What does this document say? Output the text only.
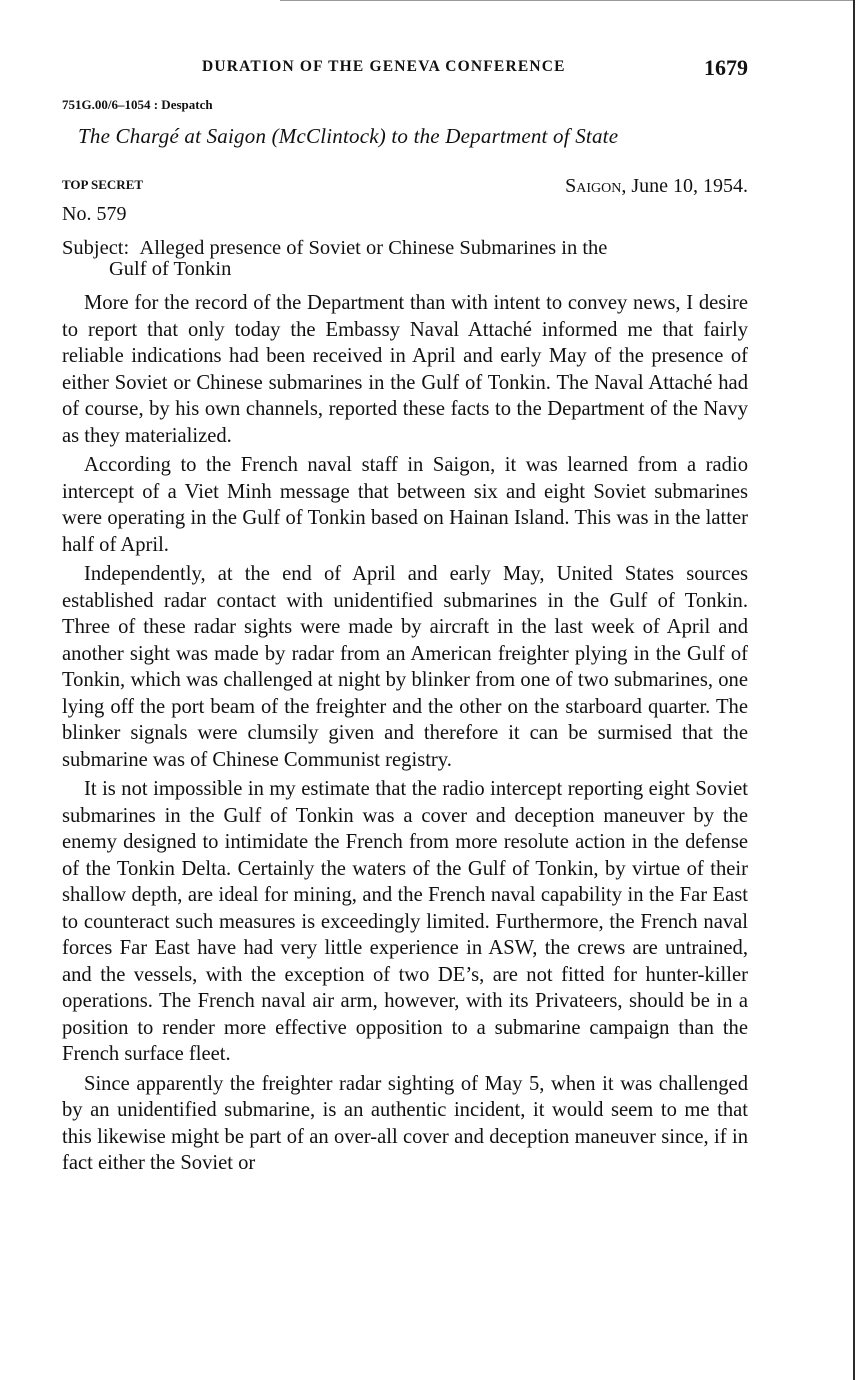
DURATION OF THE GENEVA CONFERENCE	1679
751G.00/6–1054 : Despatch
The Chargé at Saigon (McClintock) to the Department of State
TOP SECRET	Saigon, June 10, 1954.
No. 579
Subject: Alleged presence of Soviet or Chinese Submarines in the
Gulf of Tonkin

More for the record of the Department than with intent to convey news, I desire to report that only today the Embassy Naval Attaché informed me that fairly reliable indications had been received in April and early May of the presence of either Soviet or Chinese submarines in the Gulf of Tonkin. The Naval Attaché had of course, by his own channels, reported these facts to the Department of the Navy as they materialized.

According to the French naval staff in Saigon, it was learned from a radio intercept of a Viet Minh message that between six and eight Soviet submarines were operating in the Gulf of Tonkin based on Hainan Island. This was in the latter half of April.

Independently, at the end of April and early May, United States sources established radar contact with unidentified submarines in the Gulf of Tonkin. Three of these radar sights were made by aircraft in the last week of April and another sight was made by radar from an American freighter plying in the Gulf of Tonkin, which was challenged at night by blinker from one of two submarines, one lying off the port beam of the freighter and the other on the starboard quarter. The blinker signals were clumsily given and therefore it can be surmised that the submarine was of Chinese Communist registry.

It is not impossible in my estimate that the radio intercept reporting eight Soviet submarines in the Gulf of Tonkin was a cover and deception maneuver by the enemy designed to intimidate the French from more resolute action in the defense of the Tonkin Delta. Certainly the waters of the Gulf of Tonkin, by virtue of their shallow depth, are ideal for mining, and the French naval capability in the Far East to counteract such measures is exceedingly limited. Furthermore, the French naval forces Far East have had very little experience in ASW, the crews are untrained, and the vessels, with the exception of two DE’s, are not fitted for hunter-killer operations. The French naval air arm, however, with its Privateers, should be in a position to render more effective opposition to a submarine campaign than the French surface fleet.

Since apparently the freighter radar sighting of May 5, when it was challenged by an unidentified submarine, is an authentic incident, it would seem to me that this likewise might be part of an over-all cover and deception maneuver since, if in fact either the Soviet or
